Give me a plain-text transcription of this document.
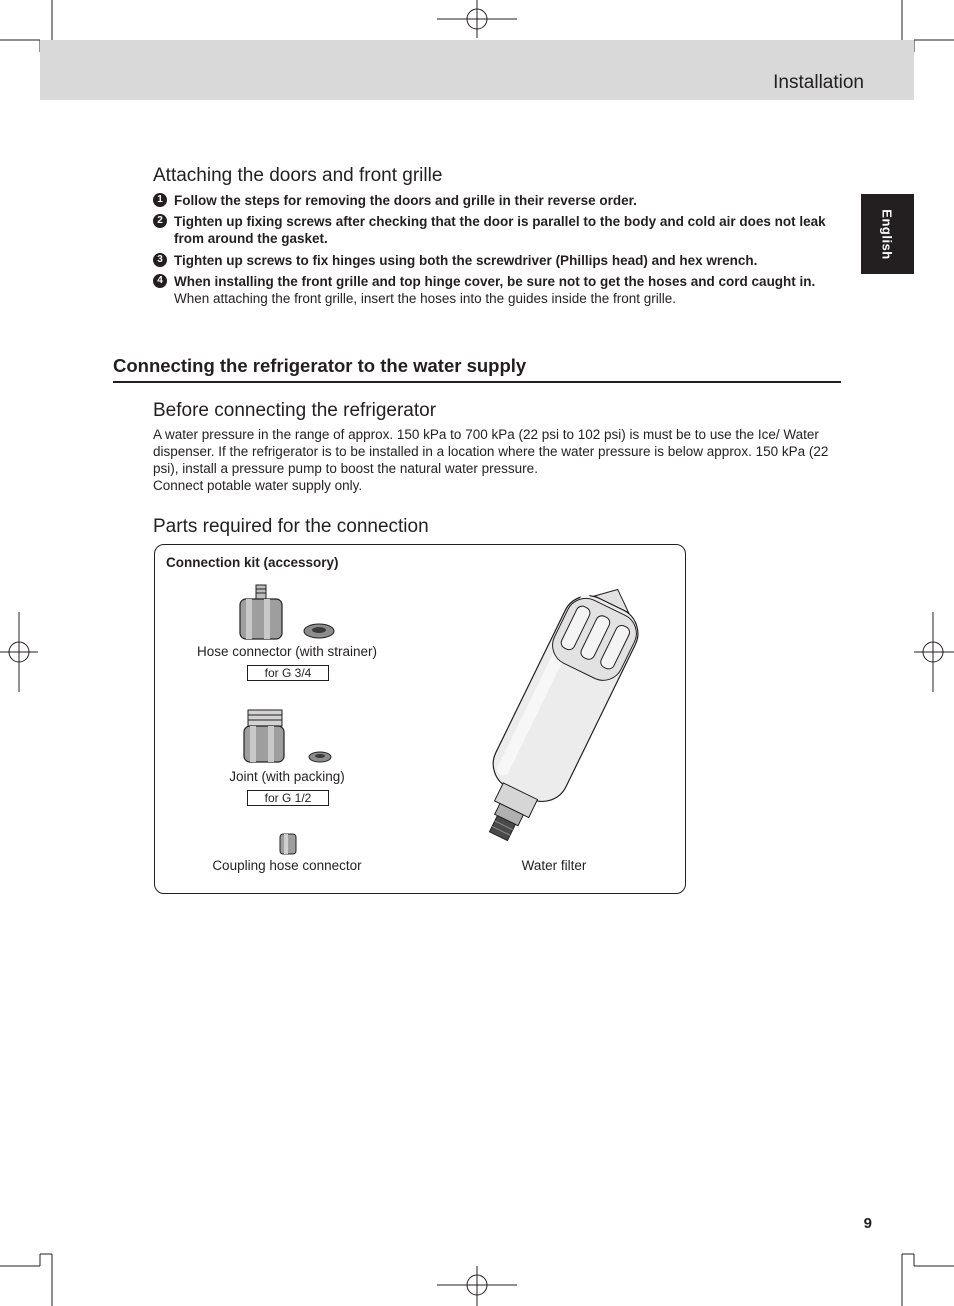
Installation
English
Attaching the doors and front grille
1 Follow the steps for removing the doors and grille in their reverse order.
2 Tighten up fixing screws after checking that the door is parallel to the body and cold air does not leak from around the gasket.
3 Tighten up screws to fix hinges using both the screwdriver (Phillips head) and hex wrench.
4 When installing the front grille and top hinge cover, be sure not to get the hoses and cord caught in.
When attaching the front grille, insert the hoses into the guides inside the front grille.
Connecting the refrigerator to the water supply
Before connecting the refrigerator
A water pressure in the range of approx. 150 kPa to 700 kPa (22 psi to 102 psi) is must be to use the Ice/ Water dispenser. If the refrigerator is to be installed in a location where the water pressure is below approx. 150 kPa (22 psi), install a pressure pump to boost the natural water pressure.
Connect potable water supply only.
Parts required for the connection
Connection kit (accessory)
Hose connector (with strainer)
for G 3/4
Joint (with packing)
for G 1/2
Coupling hose connector	Water filter
9
